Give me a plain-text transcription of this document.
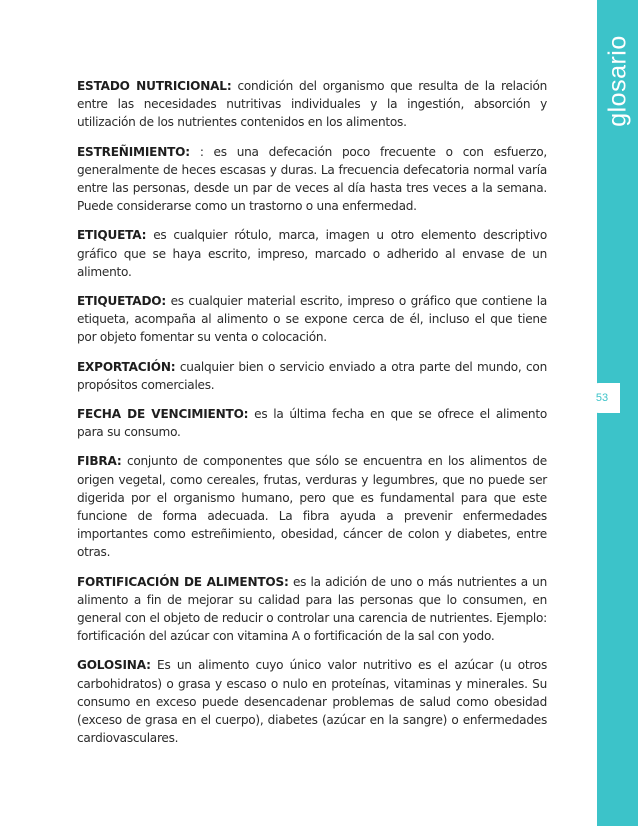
glosario
53

ESTADO NUTRICIONAL: condición del organismo que resulta de la relación entre las necesidades nutritivas individuales y la ingestión, absorción y utilización de los nutrientes contenidos en los alimentos.

ESTREÑIMIENTO: : es una defecación poco frecuente o con esfuerzo, generalmente de heces escasas y duras. La frecuencia defecatoria normal varía entre las personas, desde un par de veces al día hasta tres veces a la semana. Puede considerarse como un trastorno o una enfermedad.

ETIQUETA: es cualquier rótulo, marca, imagen u otro elemento descriptivo gráfico que se haya escrito, impreso, marcado o adherido al envase de un alimento.

ETIQUETADO: es cualquier material escrito, impreso o gráfico que contiene la etiqueta, acompaña al alimento o se expone cerca de él, incluso el que tiene por objeto fomentar su venta o colocación.

EXPORTACIÓN: cualquier bien o servicio enviado a otra parte del mundo, con propósitos comerciales.

FECHA DE VENCIMIENTO: es la última fecha en que se ofrece el alimento para su consumo.

FIBRA: conjunto de componentes que sólo se encuentra en los alimentos de origen vegetal, como cereales, frutas, verduras y legumbres, que no puede ser digerida por el organismo humano, pero que es fundamental para que este funcione de forma adecuada. La fibra ayuda a prevenir enfermedades importantes como estreñimiento, obesidad, cáncer de colon y diabetes, entre otras.

FORTIFICACIÓN DE ALIMENTOS: es la adición de uno o más nutrientes a un alimento a fin de mejorar su calidad para las personas que lo consumen, en general con el objeto de reducir o controlar una carencia de nutrientes. Ejemplo: fortificación del azúcar con vitamina A o fortificación de la sal con yodo.

GOLOSINA: Es un alimento cuyo único valor nutritivo es el azúcar (u otros carbohidratos) o grasa y escaso o nulo en proteínas, vitaminas y minerales. Su consumo en exceso puede desencadenar problemas de salud como obesidad (exceso de grasa en el cuerpo), diabetes (azúcar en la sangre) o enfermedades cardiovasculares.
